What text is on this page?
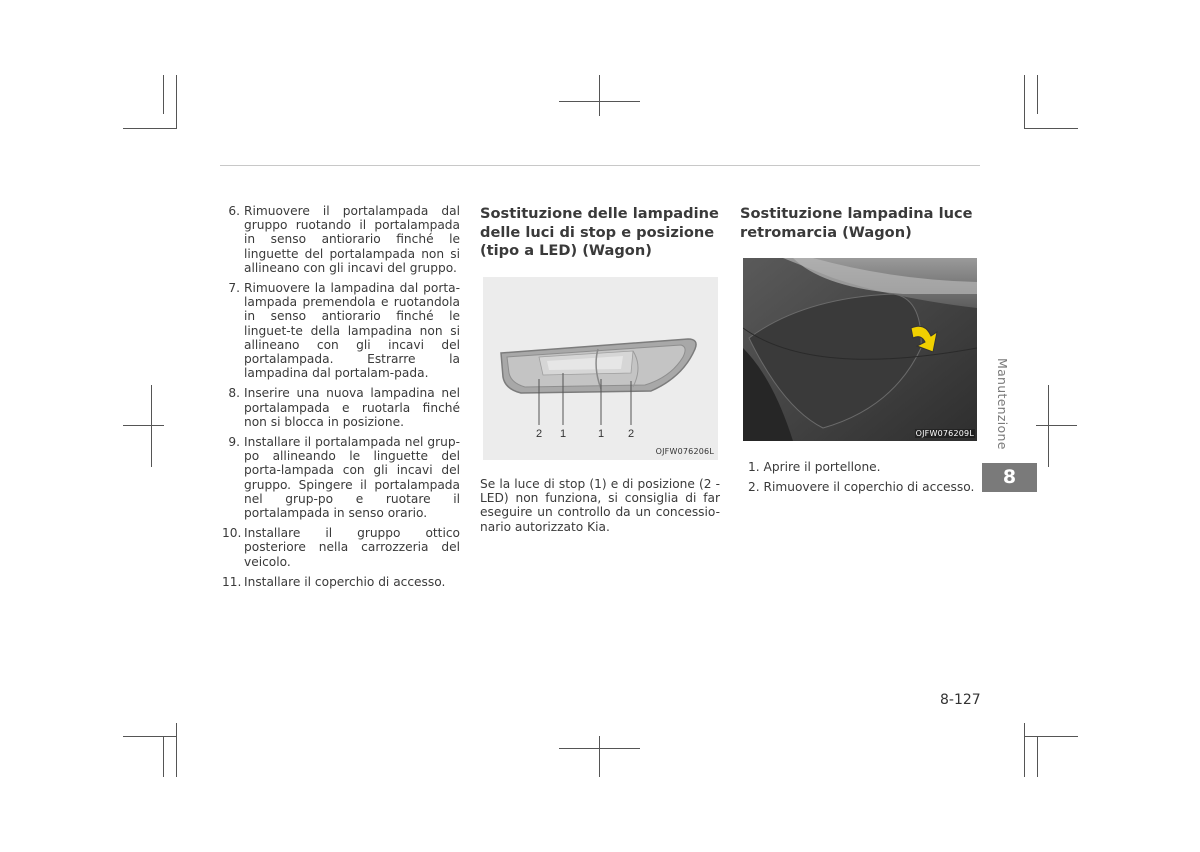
6. Rimuovere il portalampada dal gruppo ruotando il portalampada in senso antiorario finché le linguette del portalampada non si allineano con gli incavi del gruppo.
7. Rimuovere la lampadina dal porta-lampada premendola e ruotandola in senso antiorario finché le linguet-te della lampadina non si allineano con gli incavi del portalampada. Estrarre la lampadina dal portalam-pada.
8. Inserire una nuova lampadina nel portalampada e ruotarla finché non si blocca in posizione.
9. Installare il portalampada nel grup-po allineando le linguette del porta-lampada con gli incavi del gruppo. Spingere il portalampada nel grup-po e ruotare il portalampada in senso orario.
10. Installare il gruppo ottico posteriore nella carrozzeria del veicolo.
11. Installare il coperchio di accesso.
Sostituzione delle lampadine delle luci di stop e posizione (tipo a LED) (Wagon)
2 1	1 2
OJFW076206L
Se la luce di stop (1) e di posizione (2 - LED) non funziona, si consiglia di far eseguire un controllo da un concessio-nario autorizzato Kia.
Sostituzione lampadina luce retromarcia (Wagon)
OJFW076209L
1. Aprire il portellone.
2. Rimuovere il coperchio di accesso.
Manutenzione
8
8-127
